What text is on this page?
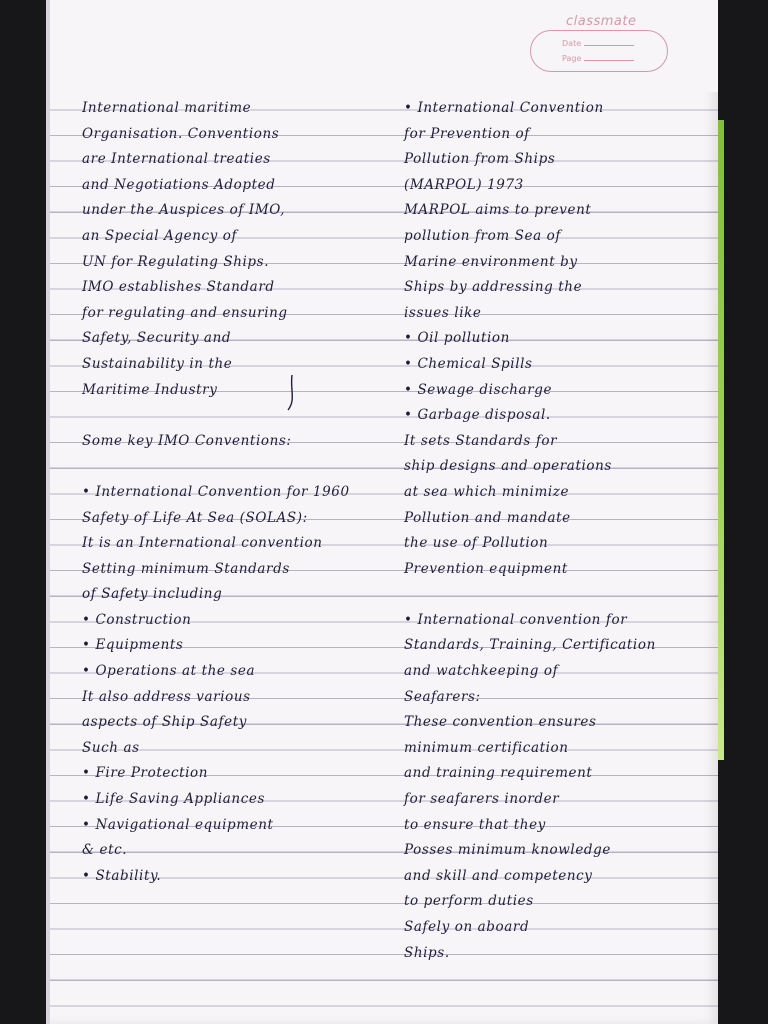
classmate
Date
Page
International maritime
Organisation. Conventions
are International treaties
and Negotiations Adopted
under the Auspices of IMO,
an Special Agency of
UN for Regulating Ships.
IMO establishes Standard
for regulating and ensuring
Safety, Security and
Sustainability in the
Maritime Industry
Some key IMO Conventions:
• International Convention for 1960
Safety of Life At Sea (SOLAS):
It is an International convention
Setting minimum Standards
of Safety including
• Construction
• Equipments
• Operations at the sea
It also address various
aspects of Ship Safety
Such as
• Fire Protection
• Life Saving Appliances
• Navigational equipment
& etc.
• Stability.
• International Convention
for Prevention of
Pollution from Ships
(MARPOL) 1973
MARPOL aims to prevent
pollution from Sea of
Marine environment by
Ships by addressing the
issues like
• Oil pollution
• Chemical Spills
• Sewage discharge
• Garbage disposal.
It sets Standards for
ship designs and operations
at sea which minimize
Pollution and mandate
the use of Pollution
Prevention equipment
• International convention for
Standards, Training, Certification
and watchkeeping of
Seafarers:
These convention ensures
minimum certification
and training requirement
for seafarers inorder
to ensure that they
Posses minimum knowledge
and skill and competency
to perform duties
Safely on aboard
Ships.
